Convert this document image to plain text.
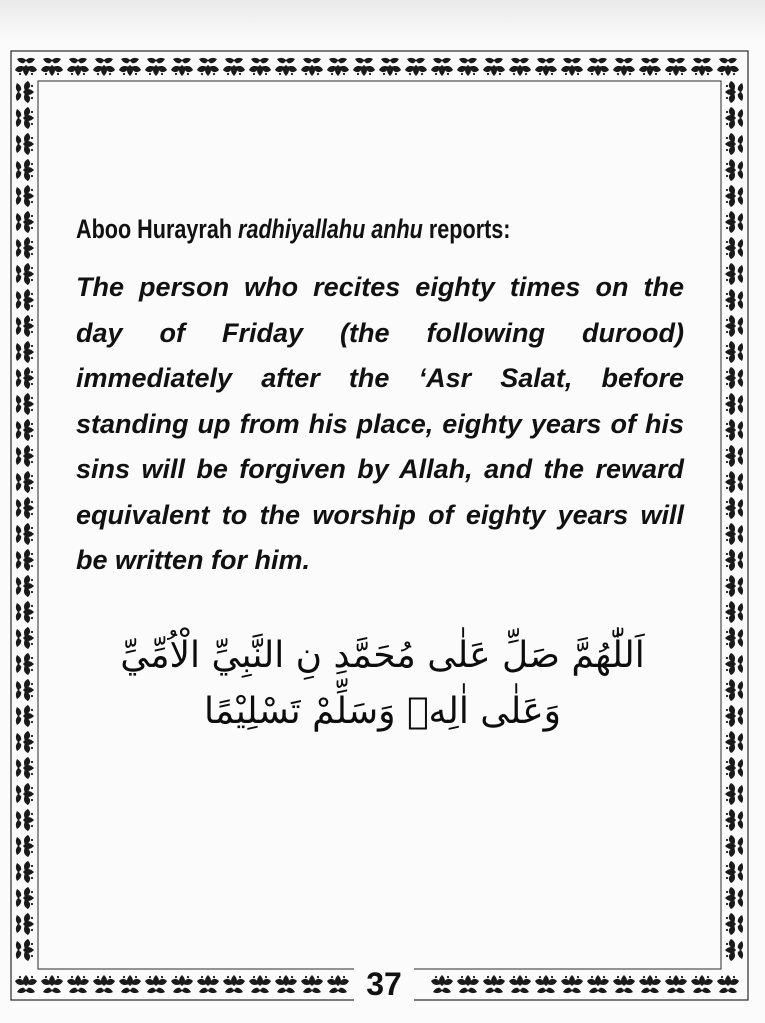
Aboo Hurayrah radhiyallahu anhu reports:

The person who recites eighty times on the day of Friday (the following durood) immediately after the ‘Asr Salat, before standing up from his place, eighty years of his sins will be forgiven by Allah, and the reward equivalent to the worship of eighty years will be written for him.

اَللّٰهُمَّ صَلِّ عَلٰى مُحَمَّدِ نِ النَّبِيِّ الْاُمِّيِّ
وَعَلٰى اٰلِهٖ وَسَلِّمْ تَسْلِيْمًا
37
